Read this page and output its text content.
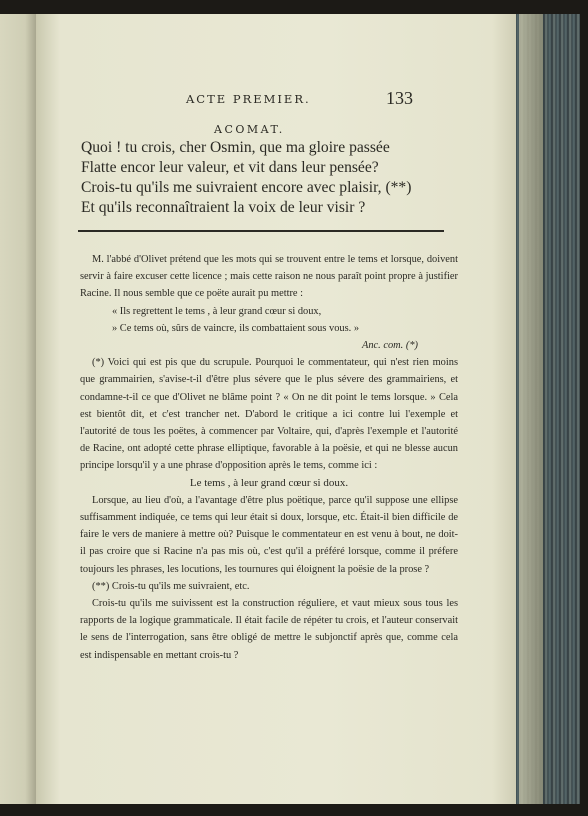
ACTE PREMIER.	133
ACOMAT.
Quoi ! tu crois, cher Osmin, que ma gloire passée
Flatte encor leur valeur, et vit dans leur pensée?
Crois-tu qu'ils me suivraient encore avec plaisir, (**)
Et qu'ils reconnaîtraient la voix de leur visir ?

M. l'abbé d'Olivet prétend que les mots qui se trouvent entre le tems et lorsque, doivent servir à faire excuser cette licence ; mais cette raison ne nous paraît point propre à justifier Racine. Il nous semble que ce poëte aurait pu mettre :

« Ils regrettent le tems , à leur grand cœur si doux,
» Ce tems où, sûrs de vaincre, ils combattaient sous vous. »
Anc. com. (*)

(*) Voici qui est pis que du scrupule. Pourquoi le commentateur, qui n'est rien moins que grammairien, s'avise-t-il d'être plus sévere que le plus sévere des grammairiens, et condamne-t-il ce que d'Olivet ne blâme point ? « On ne dit point le tems lorsque. » Cela est bientôt dit, et c'est trancher net. D'abord le critique a ici contre lui l'exemple et l'autorité de tous les poëtes, à commencer par Voltaire, qui, d'après l'exemple et l'autorité de Racine, ont adopté cette phrase elliptique, favorable à la poësie, et qui ne blesse aucun principe lorsqu'il y a une phrase d'opposition après le tems, comme ici :

Le tems , à leur grand cœur si doux.

Lorsque, au lieu d'où, a l'avantage d'être plus poëtique, parce qu'il suppose une ellipse suffisamment indiquée, ce tems qui leur était si doux, lorsque, etc. Était-il bien difficile de faire le vers de maniere à mettre où? Puisque le commentateur en est venu à bout, ne doit-il pas croire que si Racine n'a pas mis où, c'est qu'il a préféré lorsque, comme il préfere toujours les phrases, les locutions, les tournures qui éloignent la poësie de la prose ?

(**) Crois-tu qu'ils me suivraient, etc.

Crois-tu qu'ils me suivissent est la construction réguliere, et vaut mieux sous tous les rapports de la logique grammaticale. Il était facile de répéter tu crois, et l'auteur conservait le sens de l'interrogation, sans être obligé de mettre le subjonctif après que, comme cela est indispensable en mettant crois-tu ?
